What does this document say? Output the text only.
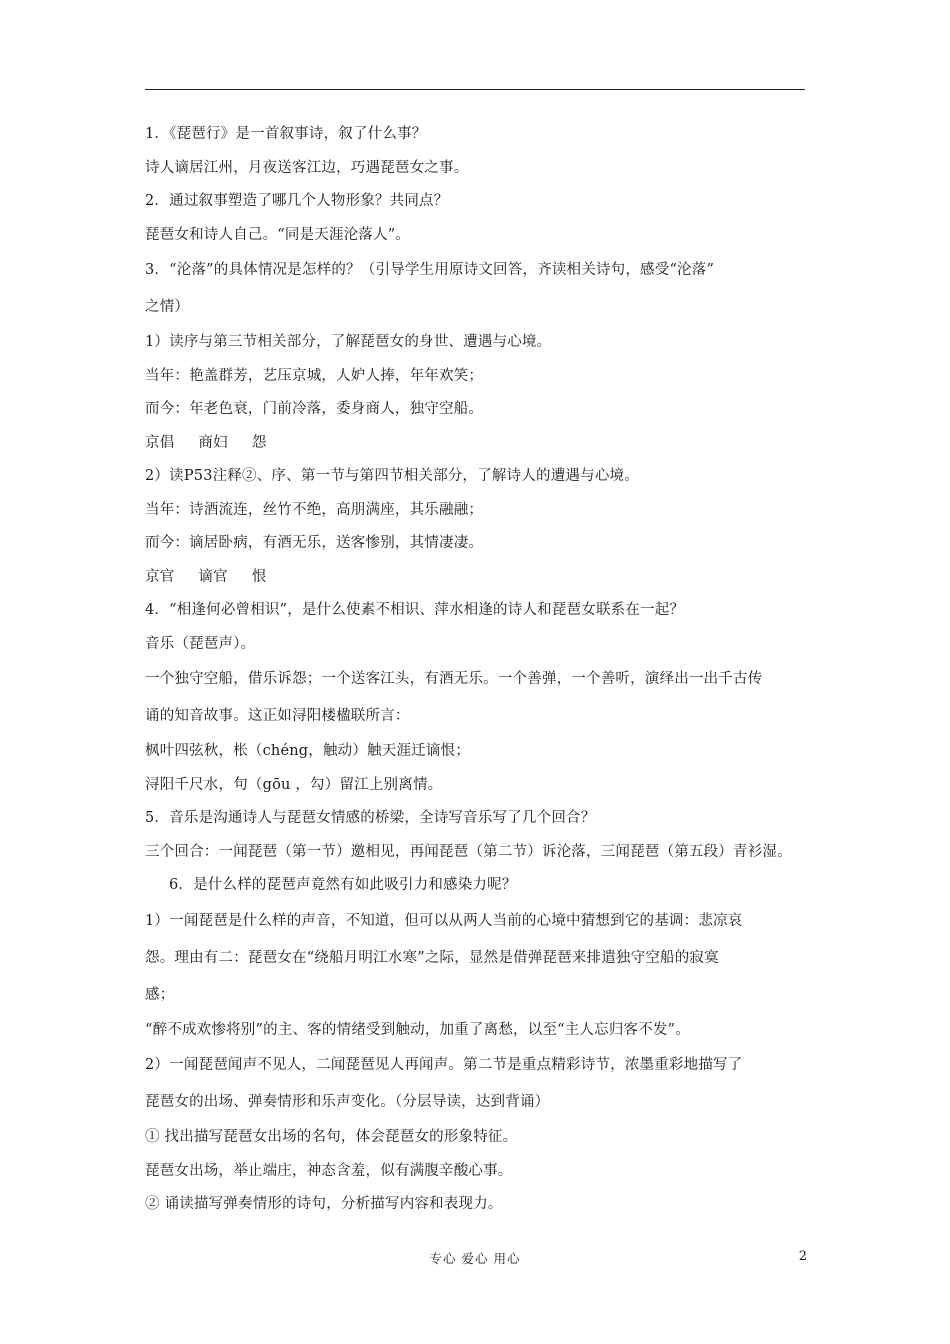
1．《琵琶行》是一首叙事诗，叙了什么事？
诗人谪居江州，月夜送客江边，巧遇琵琶女之事。
2．通过叙事塑造了哪几个人物形象？共同点？
琵琶女和诗人自己。“同是天涯沦落人”。
3．“沦落”的具体情况是怎样的？（引导学生用原诗文回答，齐读相关诗句，感受“沦落”
之情）
1）读序与第三节相关部分，了解琵琶女的身世、遭遇与心境。
当年：艳盖群芳，艺压京城，人妒人捧，年年欢笑；
而今：年老色衰，门前冷落，委身商人，独守空船。
京倡 商妇 怨
2）读P53注释②、序、第一节与第四节相关部分，了解诗人的遭遇与心境。
当年：诗酒流连，丝竹不绝，高朋满座，其乐融融；
而今：谪居卧病，有酒无乐，送客惨别，其情凄凄。
京官 谪官 恨
4．“相逢何必曾相识”，是什么使素不相识、萍水相逢的诗人和琵琶女联系在一起？
音乐（琵琶声）。
一个独守空船，借乐诉怨；一个送客江头，有酒无乐。一个善弹，一个善听，演绎出一出千古传
诵的知音故事。这正如浔阳楼楹联所言：
枫叶四弦秋，枨（chéng，触动）触天涯迁谪恨；
浔阳千尺水，句（gōu ，勾）留江上别离情。
5．音乐是沟通诗人与琵琶女情感的桥梁，全诗写音乐写了几个回合？
三个回合：一闻琵琶（第一节）邀相见，再闻琵琶（第二节）诉沦落，三闻琵琶（第五段）青衫湿。
6．是什么样的琵琶声竟然有如此吸引力和感染力呢？
1）一闻琵琶是什么样的声音，不知道，但可以从两人当前的心境中猜想到它的基调：悲凉哀
怨。理由有二：琵琶女在“绕船月明江水寒”之际，显然是借弹琵琶来排遣独守空船的寂寞
感；
“醉不成欢惨将别”的主、客的情绪受到触动，加重了离愁，以至“主人忘归客不发”。
2）一闻琵琶闻声不见人，二闻琵琶见人再闻声。第二节是重点精彩诗节，浓墨重彩地描写了
琵琶女的出场、弹奏情形和乐声变化。（分层导读，达到背诵）
① 找出描写琵琶女出场的名句，体会琵琶女的形象特征。
琵琶女出场，举止端庄，神态含羞，似有满腹辛酸心事。
② 诵读描写弹奏情形的诗句，分析描写内容和表现力。
专心 爱心 用心	2
